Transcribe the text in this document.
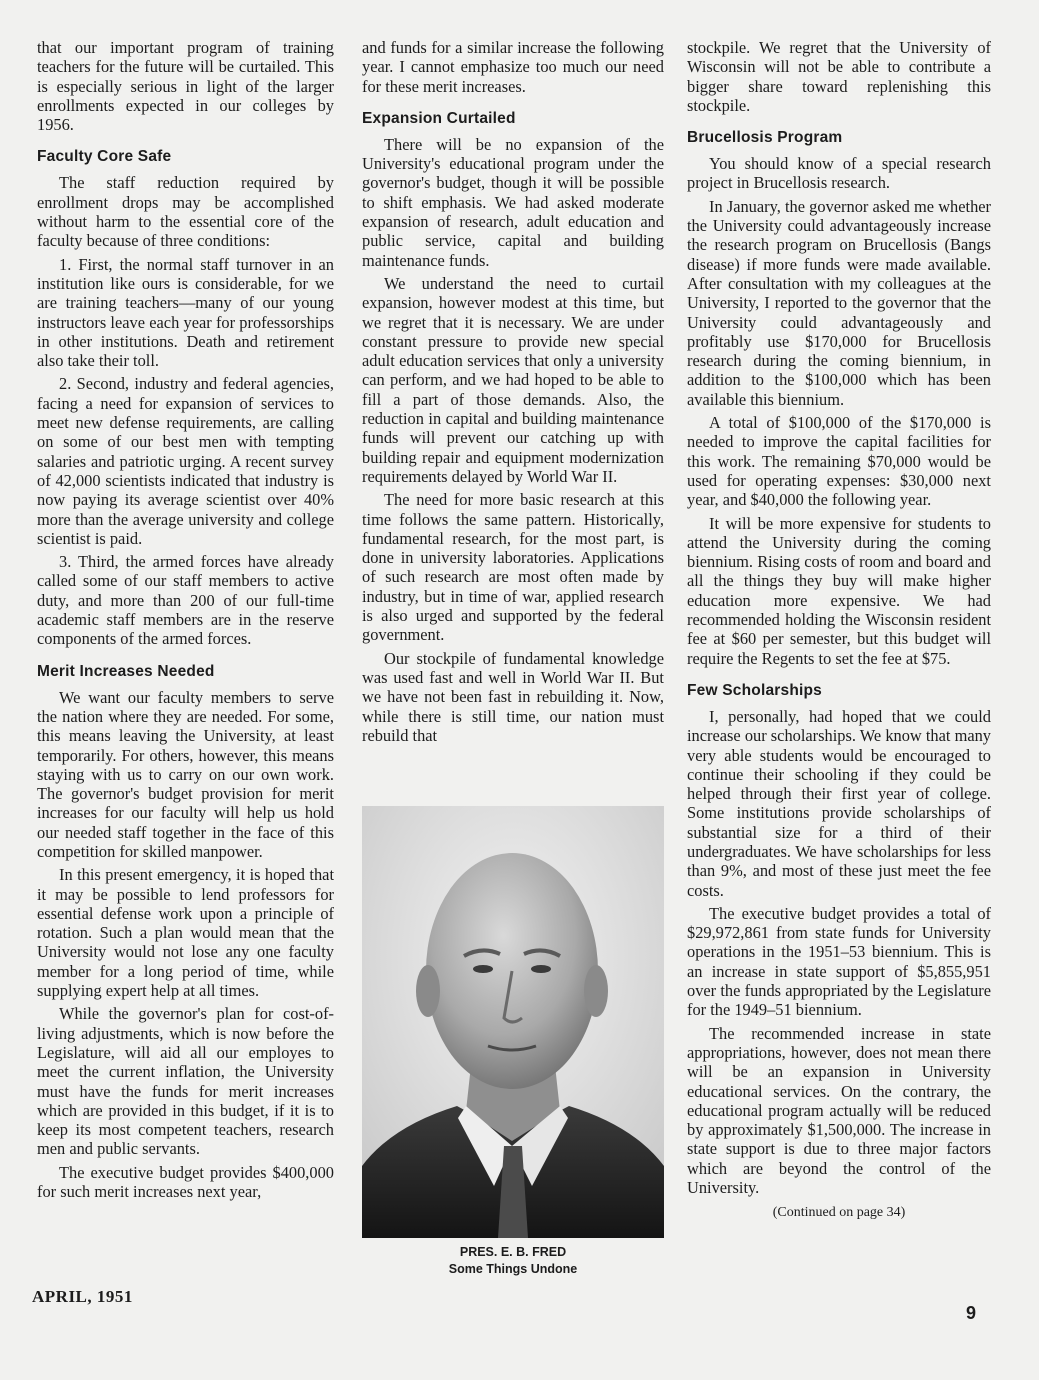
that our important program of training teachers for the future will be curtailed. This is especially serious in light of the larger enrollments expected in our colleges by 1956.

Faculty Core Safe

The staff reduction required by enrollment drops may be accomplished without harm to the essential core of the faculty because of three conditions:

1. First, the normal staff turnover in an institution like ours is considerable, for we are training teachers—many of our young instructors leave each year for professorships in other institutions. Death and retirement also take their toll.

2. Second, industry and federal agencies, facing a need for expansion of services to meet new defense requirements, are calling on some of our best men with tempting salaries and patriotic urging. A recent survey of 42,000 scientists indicated that industry is now paying its average scientist over 40% more than the average university and college scientist is paid.

3. Third, the armed forces have already called some of our staff members to active duty, and more than 200 of our full-time academic staff members are in the reserve components of the armed forces.

Merit Increases Needed

We want our faculty members to serve the nation where they are needed. For some, this means leaving the University, at least temporarily. For others, however, this means staying with us to carry on our own work. The governor's budget provision for merit increases for our faculty will help us hold our needed staff together in the face of this competition for skilled manpower.

In this present emergency, it is hoped that it may be possible to lend professors for essential defense work upon a principle of rotation. Such a plan would mean that the University would not lose any one faculty member for a long period of time, while supplying expert help at all times.

While the governor's plan for cost-of-living adjustments, which is now before the Legislature, will aid all our employes to meet the current inflation, the University must have the funds for merit increases which are provided in this budget, if it is to keep its most competent teachers, research men and public servants.

The executive budget provides $400,000 for such merit increases next year,

and funds for a similar increase the following year. I cannot emphasize too much our need for these merit increases.

Expansion Curtailed

There will be no expansion of the University's educational program under the governor's budget, though it will be possible to shift emphasis. We had asked moderate expansion of research, adult education and public service, capital and building maintenance funds.

We understand the need to curtail expansion, however modest at this time, but we regret that it is necessary. We are under constant pressure to provide new special adult education services that only a university can perform, and we had hoped to be able to fill a part of those demands. Also, the reduction in capital and building maintenance funds will prevent our catching up with building repair and equipment modernization requirements delayed by World War II.

The need for more basic research at this time follows the same pattern. Historically, fundamental research, for the most part, is done in university laboratories. Applications of such research are most often made by industry, but in time of war, applied research is also urged and supported by the federal government.

Our stockpile of fundamental knowledge was used fast and well in World War II. But we have not been fast in rebuilding it. Now, while there is still time, our nation must rebuild that

stockpile. We regret that the University of Wisconsin will not be able to contribute a bigger share toward replenishing this stockpile.

Brucellosis Program

You should know of a special research project in Brucellosis research.

In January, the governor asked me whether the University could advantageously increase the research program on Brucellosis (Bangs disease) if more funds were made available. After consultation with my colleagues at the University, I reported to the governor that the University could advantageously and profitably use $170,000 for Brucellosis research during the coming biennium, in addition to the $100,000 which has been available this biennium.

A total of $100,000 of the $170,000 is needed to improve the capital facilities for this work. The remaining $70,000 would be used for operating expenses: $30,000 next year, and $40,000 the following year.

It will be more expensive for students to attend the University during the coming biennium. Rising costs of room and board and all the things they buy will make higher education more expensive. We had recommended holding the Wisconsin resident fee at $60 per semester, but this budget will require the Regents to set the fee at $75.

Few Scholarships

I, personally, had hoped that we could increase our scholarships. We know that many very able students would be encouraged to continue their schooling if they could be helped through their first year of college. Some institutions provide scholarships of substantial size for a third of their undergraduates. We have scholarships for less than 9%, and most of these just meet the fee costs.

The executive budget provides a total of $29,972,861 from state funds for University operations in the 1951–53 biennium. This is an increase in state support of $5,855,951 over the funds appropriated by the Legislature for the 1949–51 biennium.

The recommended increase in state appropriations, however, does not mean there will be an expansion in University educational services. On the contrary, the educational program actually will be reduced by approximately $1,500,000. The increase in state support is due to three major factors which are beyond the control of the University.

(Continued on page 34)

PRES. E. B. FRED
Some Things Undone
APRIL, 1951
9
